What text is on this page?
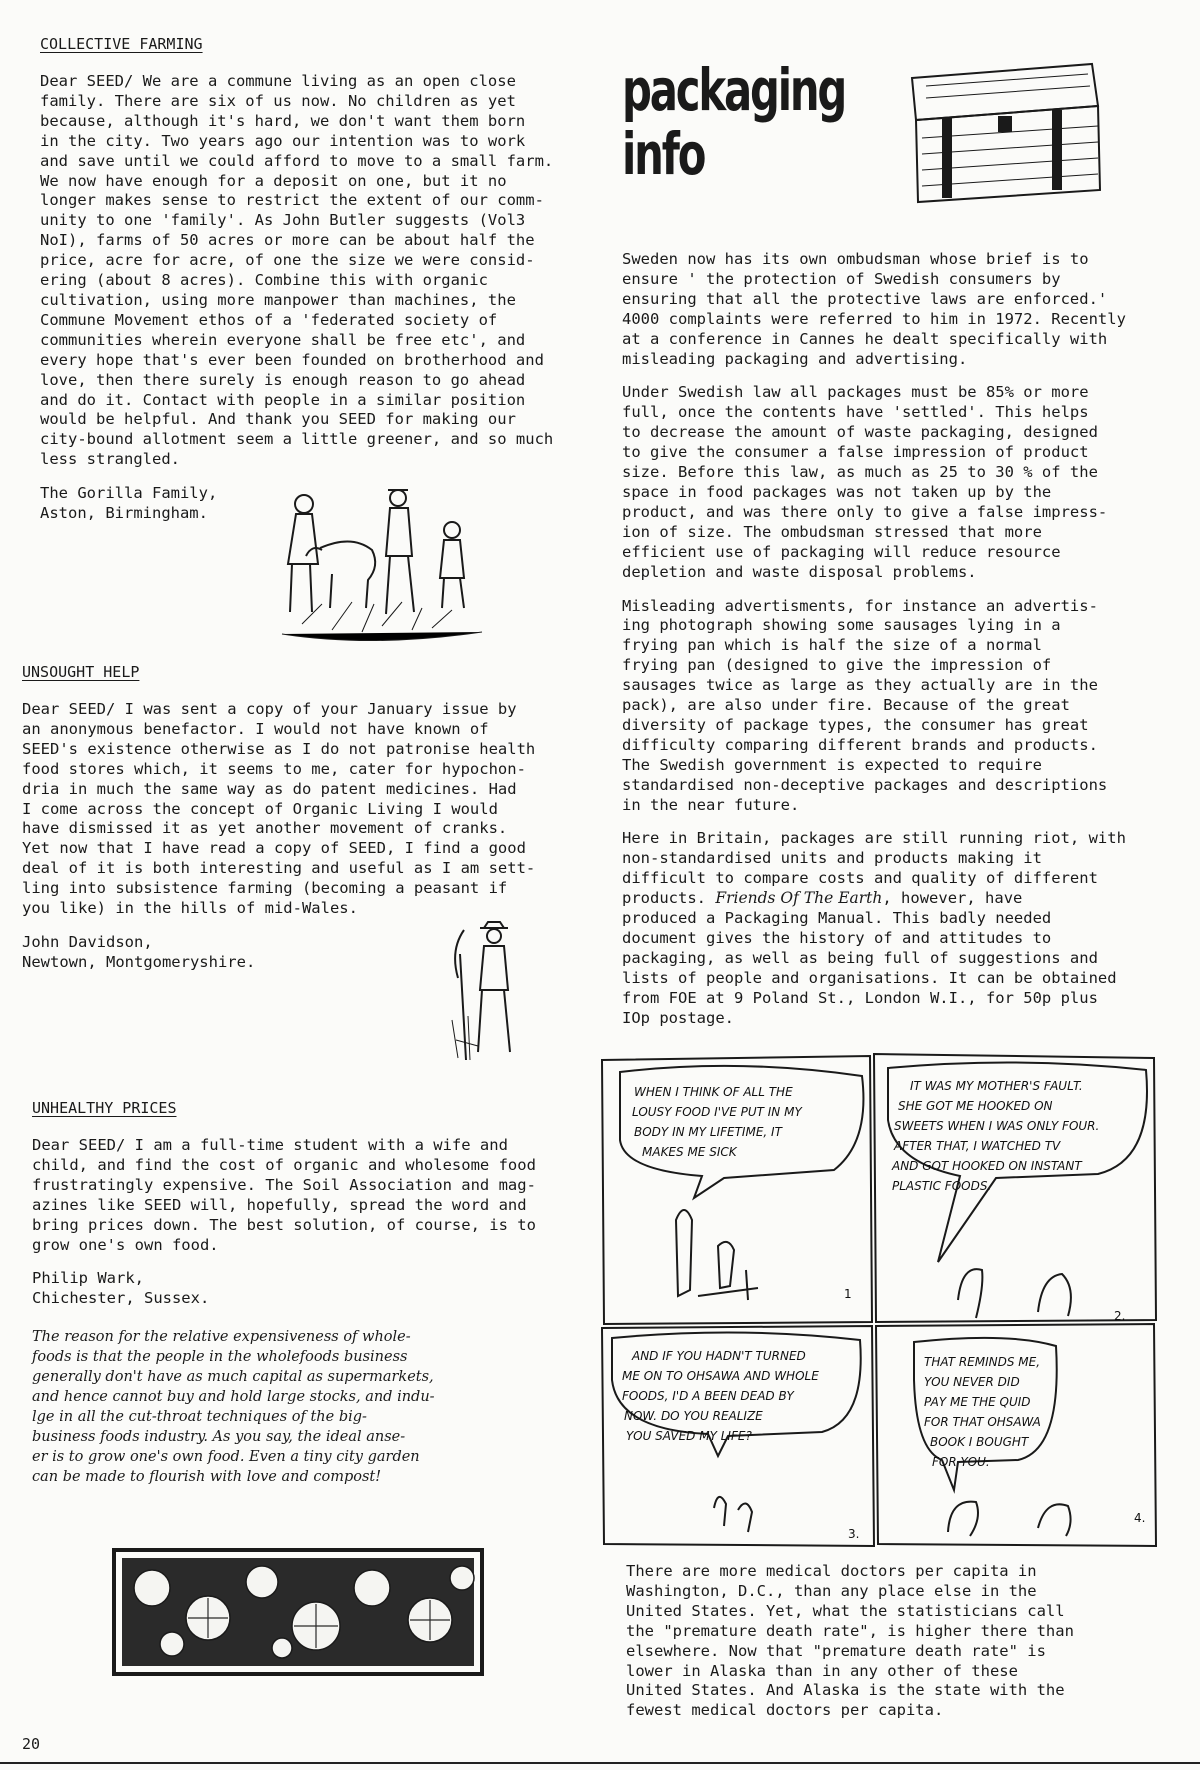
COLLECTIVE FARMING

Dear SEED/ We are a commune living as an open close
family. There are six of us now. No children as yet
because, although it's hard, we don't want them born
in the city. Two years ago our intention was to work
and save until we could afford to move to a small farm.
We now have enough for a deposit on one, but it no
longer makes sense to restrict the extent of our comm-
unity to one 'family'. As John Butler suggests (Vol3
NoI), farms of 50 acres or more can be about half the
price, acre for acre, of one the size we were consid-
ering (about 8 acres). Combine this with organic
cultivation, using more manpower than machines, the
Commune Movement ethos of a 'federated society of
communities wherein everyone shall be free etc', and
every hope that's ever been founded on brotherhood and
love, then there surely is enough reason to go ahead
and do it. Contact with people in a similar position
would be helpful. And thank you SEED for making our
city-bound allotment seem a little greener, and so much
less strangled.

The Gorilla Family,
Aston, Birmingham.
UNSOUGHT HELP

Dear SEED/ I was sent a copy of your January issue by
an anonymous benefactor. I would not have known of
SEED's existence otherwise as I do not patronise health
food stores which, it seems to me, cater for hypochon-
dria in much the same way as do patent medicines. Had
I come across the concept of Organic Living I would
have dismissed it as yet another movement of cranks.
Yet now that I have read a copy of SEED, I find a good
deal of it is both interesting and useful as I am sett-
ling into subsistence farming (becoming a peasant if
you like) in the hills of mid-Wales.

John Davidson,
Newtown, Montgomeryshire.
UNHEALTHY PRICES

Dear SEED/ I am a full-time student with a wife and
child, and find the cost of organic and wholesome food
frustratingly expensive. The Soil Association and mag-
azines like SEED will, hopefully, spread the word and
bring prices down. The best solution, of course, is to
grow one's own food.

Philip Wark,
Chichester, Sussex.

The reason for the relative expensiveness of whole-
foods is that the people in the wholefoods business
generally don't have as much capital as supermarkets,
and hence cannot buy and hold large stocks, and indu-
lge in all the cut-throat techniques of the big-
business foods industry. As you say, the ideal anse-
er is to grow one's own food. Even a tiny city garden
can be made to flourish with love and compost!

packaging
info

Sweden now has its own ombudsman whose brief is to
ensure ' the protection of Swedish consumers by
ensuring that all the protective laws are enforced.'
4000 complaints were referred to him in 1972. Recently
at a conference in Cannes he dealt specifically with
misleading packaging and advertising.

Under Swedish law all packages must be 85% or more
full, once the contents have 'settled'. This helps
to decrease the amount of waste packaging, designed
to give the consumer a false impression of product
size. Before this law, as much as 25 to 30 % of the
space in food packages was not taken up by the
product, and was there only to give a false impress-
ion of size. The ombudsman stressed that more
efficient use of packaging will reduce resource
depletion and waste disposal problems.

Misleading advertisments, for instance an advertis-
ing photograph showing some sausages lying in a
frying pan which is half the size of a normal
frying pan (designed to give the impression of
sausages twice as large as they actually are in the
pack), are also under fire. Because of the great
diversity of package types, the consumer has great
difficulty comparing different brands and products.
The Swedish government is expected to require
standardised non-deceptive packages and descriptions
in the near future.

Here in Britain, packages are still running riot, with
non-standardised units and products making it
difficult to compare costs and quality of different
products. Friends Of The Earth, however, have
produced a Packaging Manual. This badly needed
document gives the history of and attitudes to
packaging, as well as being full of suggestions and
lists of people and organisations. It can be obtained
from FOE at 9 Poland St., London W.I., for 50p plus
IOp postage.

WHEN I THINK OF ALL THE
LOUSY FOOD I'VE PUT IN MY
BODY IN MY LIFETIME, IT
MAKES ME SICK
IT WAS MY MOTHER'S FAULT.
SHE GOT ME HOOKED ON
SWEETS WHEN I WAS ONLY FOUR.
AFTER THAT, I WATCHED TV
AND GOT HOOKED ON INSTANT
PLASTIC FOODS.
AND IF YOU HADN'T TURNED
ME ON TO OHSAWA AND WHOLE
FOODS, I'D A BEEN DEAD BY
NOW. DO YOU REALIZE
YOU SAVED MY LIFE?
THAT REMINDS ME,
YOU NEVER DID
PAY ME THE QUID
FOR THAT OHSAWA
BOOK I BOUGHT
FOR YOU.
1
2.
3.
4.

There are more medical doctors per capita in
Washington, D.C., than any place else in the
United States. Yet, what the statisticians call
the "premature death rate", is higher there than
elsewhere. Now that "premature death rate" is
lower in Alaska than in any other of these
United States. And Alaska is the state with the
fewest medical doctors per capita.

20
